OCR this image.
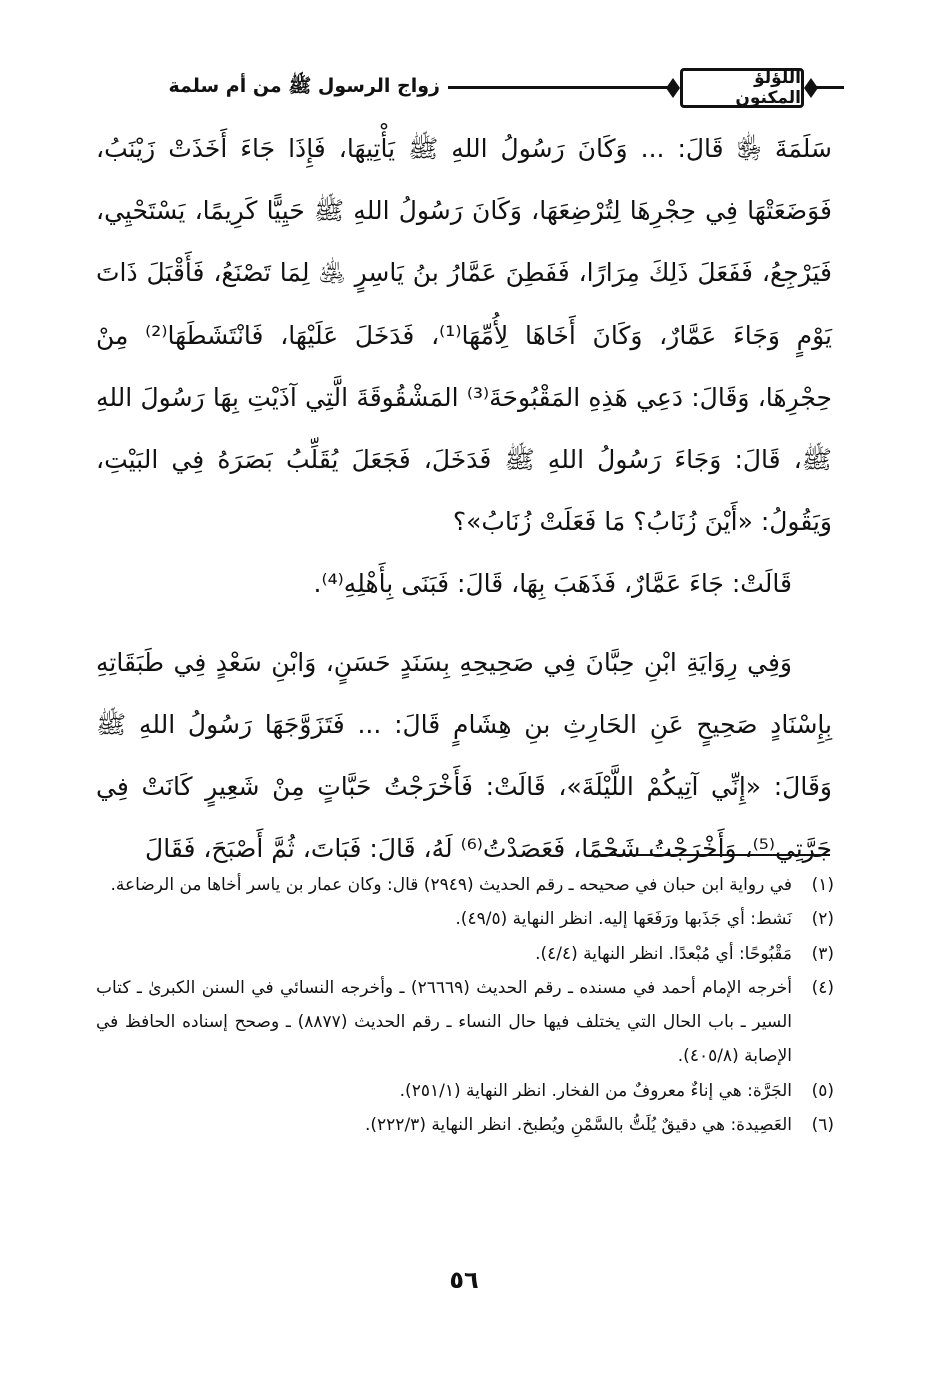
اللؤلؤ المكنون
زواج الرسول ﷺ من أم سلمة

سَلَمَةَ ﵂ قَالَ: ... وَكَانَ رَسُولُ اللهِ ﷺ يَأْتِيهَا، فَإِذَا جَاءَ أَخَذَتْ زَيْنَبُ، فَوَضَعَتْهَا فِي حِجْرِهَا لِتُرْضِعَهَا، وَكَانَ رَسُولُ اللهِ ﷺ حَيِيًّا كَرِيمًا، يَسْتَحْيِي، فَيَرْجِعُ، فَفَعَلَ ذَلِكَ مِرَارًا، فَفَطِنَ عَمَّارُ بنُ يَاسِرٍ ﵁ لِمَا تَصْنَعُ، فَأَقْبَلَ ذَاتَ يَوْمٍ وَجَاءَ عَمَّارٌ، وَكَانَ أَخَاهَا لِأُمِّهَا⁽¹⁾، فَدَخَلَ عَلَيْهَا، فَانْتَشَطَهَا⁽²⁾ مِنْ حِجْرِهَا، وَقَالَ: دَعِي هَذِهِ المَقْبُوحَةَ⁽³⁾ المَشْقُوقَةَ الَّتِي آذَيْتِ بِهَا رَسُولَ اللهِ ﷺ، قَالَ: وَجَاءَ رَسُولُ اللهِ ﷺ فَدَخَلَ، فَجَعَلَ يُقَلِّبُ بَصَرَهُ فِي البَيْتِ، وَيَقُولُ: «أَيْنَ زُنَابُ؟ مَا فَعَلَتْ زُنَابُ»؟

قَالَتْ: جَاءَ عَمَّارٌ، فَذَهَبَ بِهَا، قَالَ: فَبَنَى بِأَهْلِهِ⁽⁴⁾.

وَفِي رِوَايَةِ ابْنِ حِبَّانَ فِي صَحِيحِهِ بِسَنَدٍ حَسَنٍ، وَابْنِ سَعْدٍ فِي طَبَقَاتِهِ بِإِسْنَادٍ صَحِيحٍ عَنِ الحَارِثِ بنِ هِشَامٍ قَالَ: ... فَتَزَوَّجَهَا رَسُولُ اللهِ ﷺ وَقَالَ: «إِنِّي آتِيكُمْ اللَّيْلَةَ»، قَالَتْ: فَأَخْرَجْتُ حَبَّاتٍ مِنْ شَعِيرٍ كَانَتْ فِي جَرَّتِي⁽⁵⁾، وَأَخْرَجْتُ شَحْمًا، فَعَصَدْتُ⁽⁶⁾ لَهُ، قَالَ: فَبَاتَ، ثُمَّ أَصْبَحَ، فَقَالَ

(١)
في رواية ابن حبان في صحيحه ـ رقم الحديث (٢٩٤٩) قال: وكان عمار بن ياسر أخاها من الرضاعة.
(٢)
نَشط: أي جَذَبها ورَفَعَها إليه. انظر النهاية (٤٩/٥).
(٣)
مَقْبُوحًا: أي مُبْعدًا. انظر النهاية (٤/٤).
(٤)
أخرجه الإمام أحمد في مسنده ـ رقم الحديث (٢٦٦٦٩) ـ وأخرجه النسائي في السنن الكبرىٰ ـ كتاب السير ـ باب الحال التي يختلف فيها حال النساء ـ رقم الحديث (٨٨٧٧) ـ وصحح إسناده الحافظ في الإصابة (٤٠٥/٨).
(٥)
الجَرَّة: هي إناءٌ معروفٌ من الفخار. انظر النهاية (٢٥١/١).
(٦)
العَصِيدة: هي دقيقٌ يُلَتُّ بالسَّمْنِ ويُطبخ. انظر النهاية (٢٢٢/٣).
٥٦
